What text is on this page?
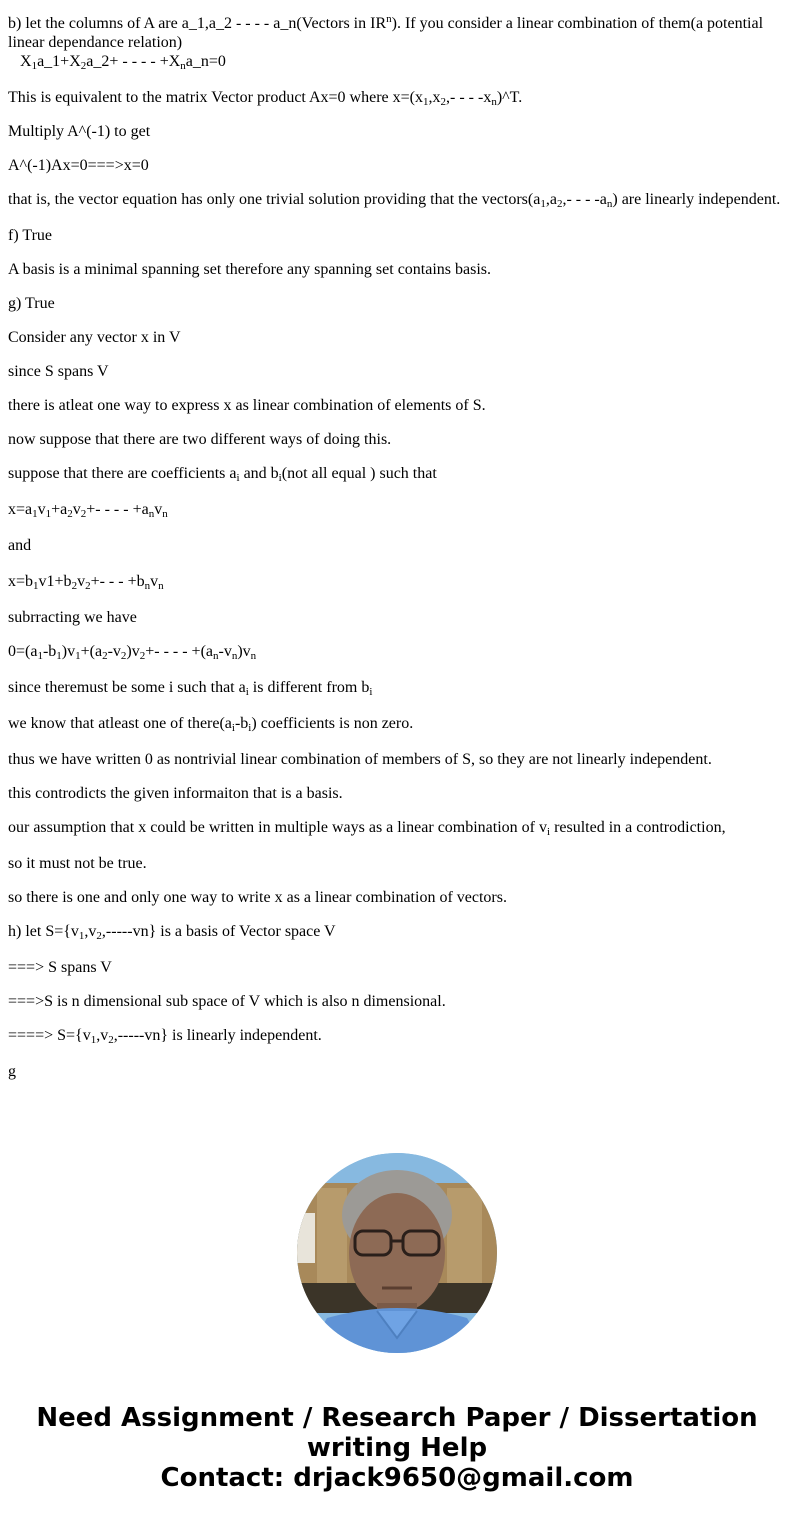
b) let the columns of A are a_1,a_2 - - - - a_n(Vectors in $IR^n$). If you consider a linear combination of them(a potential linear dependance relation)
$X_1a\_1+X_2a\_2+$ - - - - $+X_na\_n=0$

This is equivalent to the matrix Vector product Ax=0 where $x=(x_1,x_2,-$ - - $-x_n)\^{}T$.

Multiply A^(-1) to get

A^(-1)Ax=0===>x=0

that is, the vector equation has only one trivial solution providing that the $vectors(a_1,a_2,-$ - - $-a_n$) are linearly independent.

f) True

A basis is a minimal spanning set therefore any spanning set contains basis.

g) True

Consider any vector x in V

since S spans V

there is atleat one way to express x as linear combination of elements of S.

now suppose that there are two different ways of doing this.

suppose that there are coefficients $a_i$ and $b_i(not$ all equal ) such that

$x=a_1v_1+a_2v_2+-$ - - - $+a_nv_n$

and

$x=b_1v1+b_2v_2+-$ - - $+b_nv_n$

subrracting we have

$0=(a_1-b_1)v_1+(a_2-v_2)v_2+-$ - - - $+(a_n-v_n)v_n$

since theremust be some i such that $a_i$ is different from $b_i$

we know that atleast one of $there(a_i-b_i)$ coefficients is non zero.

thus we have written 0 as nontrivial linear combination of members of S, so they are not linearly independent.

this controdicts the given informaiton that is a basis.

our assumption that x could be written in multiple ways as a linear combination of $v_i$ resulted in a controdiction,

so it must not be true.

so there is one and only one way to write x as a linear combination of vectors.

h) let $S=\{v_1,v_2,-----vn\}$ is a basis of Vector space V

===> S spans V

===>S is n dimensional sub space of V which is also n dimensional.

====> $S=\{v_1,v_2,-----vn\}$ is linearly independent.

g

Need Assignment / Research Paper / Dissertation
writing Help
Contact: drjack9650@gmail.com
